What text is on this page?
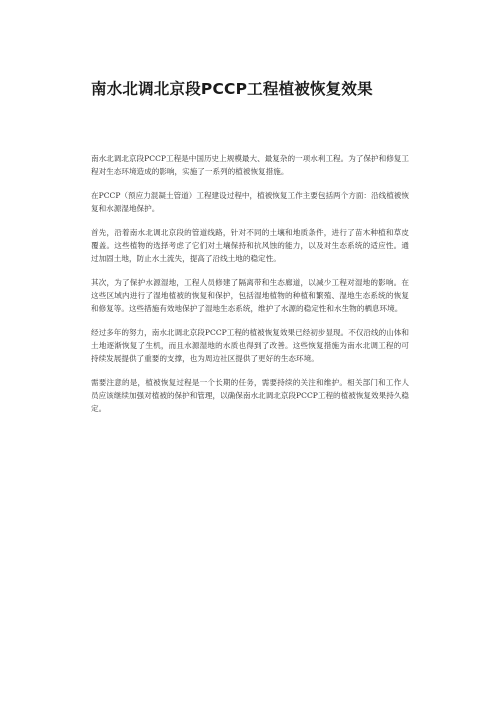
南水北调北京段PCCP工程植被恢复效果

南水北调北京段PCCP工程是中国历史上规模最大、最复杂的一项水利工程。为了保护和修复工程对生态环境造成的影响，实施了一系列的植被恢复措施。

在PCCP（预应力混凝土管道）工程建设过程中，植被恢复工作主要包括两个方面：沿线植被恢复和水源湿地保护。

首先，沿着南水北调北京段的管道线路，针对不同的土壤和地质条件，进行了苗木种植和草皮覆盖。这些植物的选择考虑了它们对土壤保持和抗风蚀的能力，以及对生态系统的适应性。通过加固土地，防止水土流失，提高了沿线土地的稳定性。

其次，为了保护水源湿地，工程人员修建了隔离带和生态廊道，以减少工程对湿地的影响。在这些区域内进行了湿地植被的恢复和保护，包括湿地植物的种植和繁殖、湿地生态系统的恢复和修复等。这些措施有效地保护了湿地生态系统，维护了水源的稳定性和水生物的栖息环境。

经过多年的努力，南水北调北京段PCCP工程的植被恢复效果已经初步显现。不仅沿线的山体和土地逐渐恢复了生机，而且水源湿地的水质也得到了改善。这些恢复措施为南水北调工程的可持续发展提供了重要的支撑，也为周边社区提供了更好的生态环境。

需要注意的是，植被恢复过程是一个长期的任务，需要持续的关注和维护。相关部门和工作人员应该继续加强对植被的保护和管理，以确保南水北调北京段PCCP工程的植被恢复效果持久稳定。
